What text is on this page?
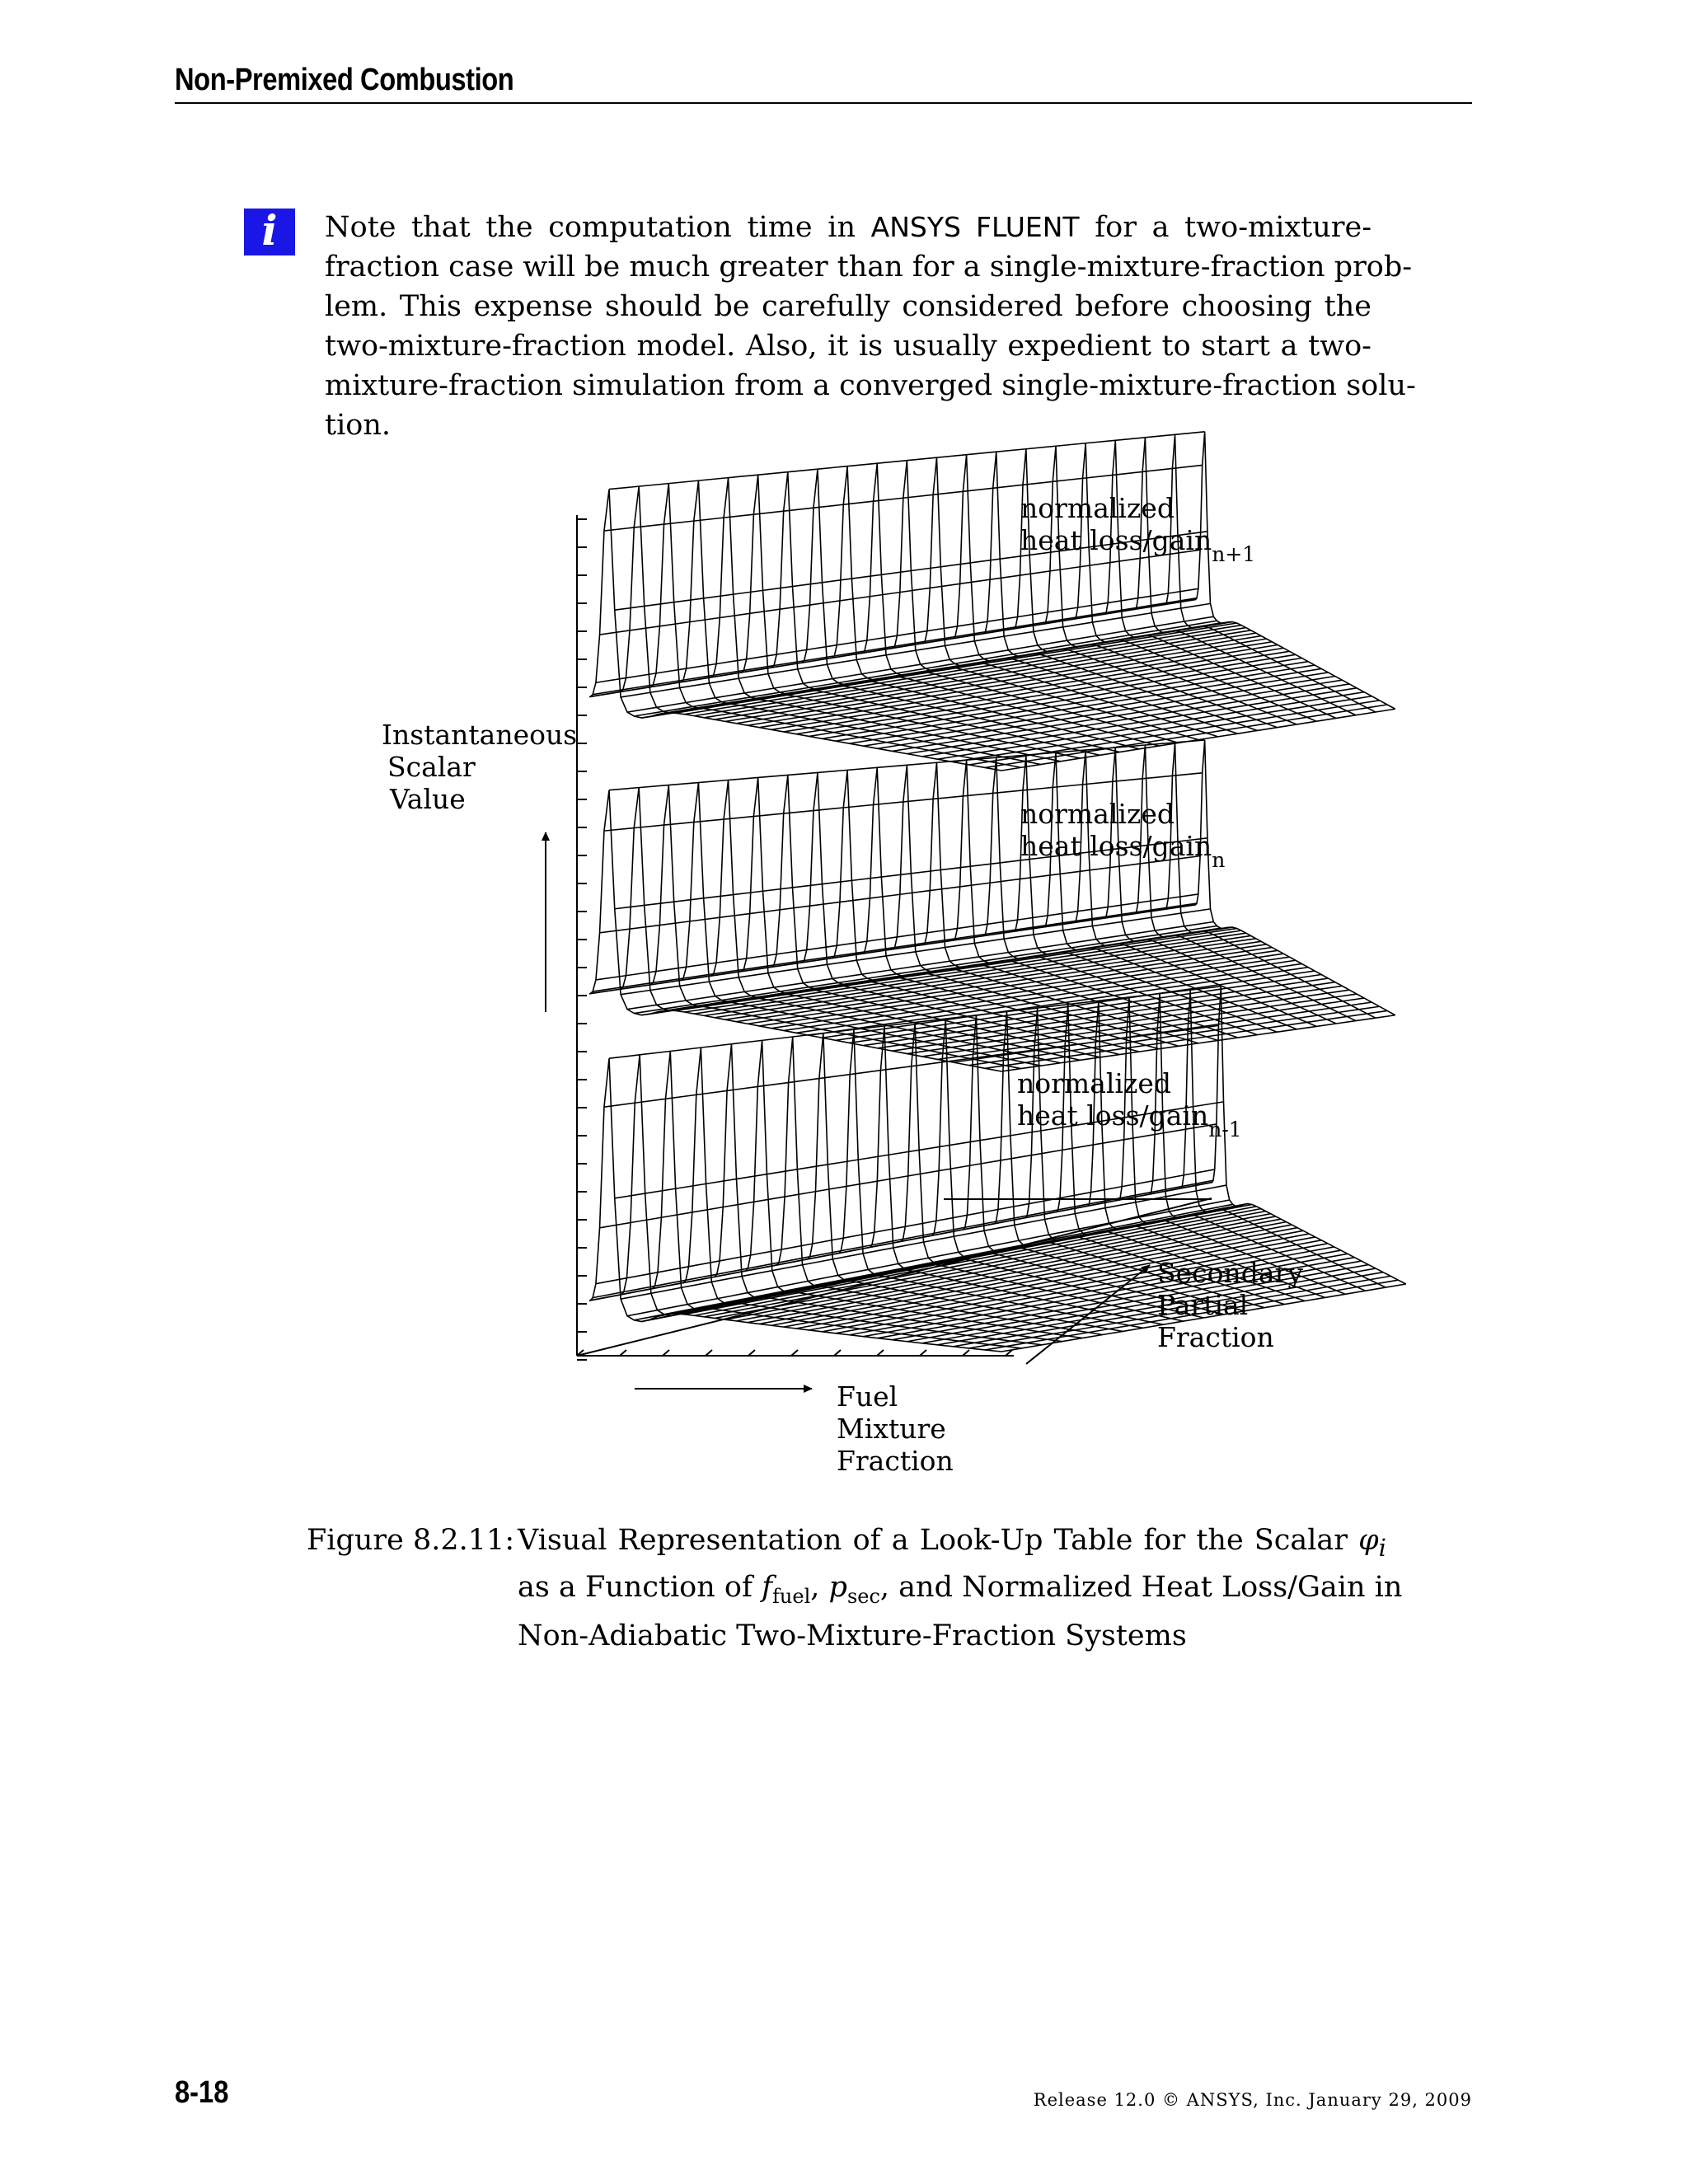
Non-Premixed Combustion
i Note that the computation time in ANSYS FLUENT for a two-mixture-
fraction case will be much greater than for a single-mixture-fraction prob-
lem. This expense should be carefully considered before choosing the
two-mixture-fraction model. Also, it is usually expedient to start a two-
mixture-fraction simulation from a converged single-mixture-fraction solu-
tion.
Instantaneous
Scalar
Value
normalized
heat loss/gain$_{n+1}$
normalized
heat loss/gain$_n$
normalized
heat loss/gain$_{n-1}$
Secondary
Partial
Fraction
Fuel
Mixture
Fraction
Figure 8.2.11: Visual Representation of a Look-Up Table for the Scalar $\varphi_i$
as a Function of $f_{fuel}$, $p_{sec}$, and Normalized Heat Loss/Gain in
Non-Adiabatic Two-Mixture-Fraction Systems
8-18	Release 12.0 © ANSYS, Inc. January 29, 2009
